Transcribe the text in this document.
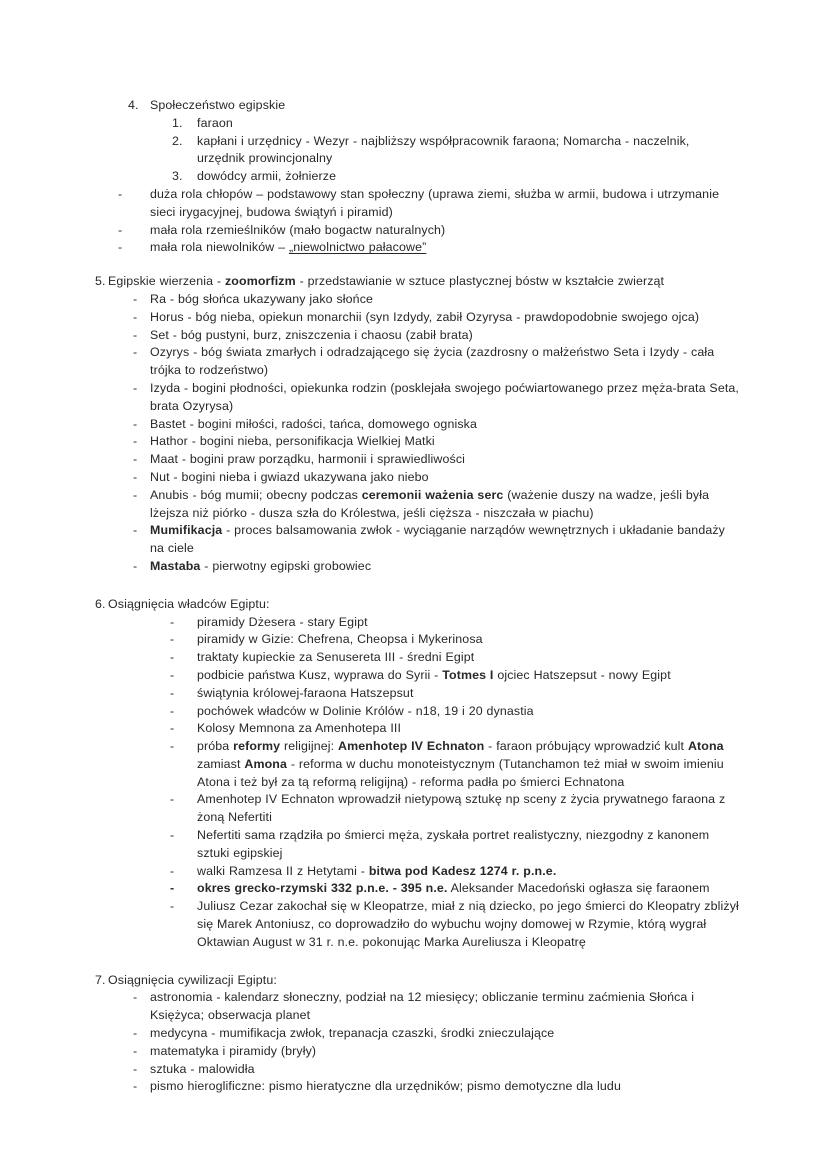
4. Społeczeństwo egipskie
1. faraon
2. kapłani i urzędnicy - Wezyr - najbliższy współpracownik faraona; Nomarcha - naczelnik, urzędnik prowincjonalny
3. dowódcy armii, żołnierze
- duża rola chłopów – podstawowy stan społeczny (uprawa ziemi, służba w armii, budowa i utrzymanie sieci irygacyjnej, budowa świątyń i piramid)
- mała rola rzemieślników (mało bogactw naturalnych)
- mała rola niewolników – „niewolnictwo pałacowe”
5. Egipskie wierzenia - zoomorfizm - przedstawianie w sztuce plastycznej bóstw w kształcie zwierząt
- Ra - bóg słońca ukazywany jako słońce
- Horus - bóg nieba, opiekun monarchii (syn Izdydy, zabił Ozyrysa - prawdopodobnie swojego ojca)
- Set - bóg pustyni, burz, zniszczenia i chaosu (zabił brata)
- Ozyrys - bóg świata zmarłych i odradzającego się życia (zazdrosny o małżeństwo Seta i Izydy - cała trójka to rodzeństwo)
- Izyda - bogini płodności, opiekunka rodzin (posklejała swojego poćwiartowanego przez męża-brata Seta, brata Ozyrysa)
- Bastet - bogini miłości, radości, tańca, domowego ogniska
- Hathor - bogini nieba, personifikacja Wielkiej Matki
- Maat - bogini praw porządku, harmonii i sprawiedliwości
- Nut - bogini nieba i gwiazd ukazywana jako niebo
- Anubis - bóg mumii; obecny podczas ceremonii ważenia serc (ważenie duszy na wadze, jeśli była lżejsza niż piórko - dusza szła do Królestwa, jeśli cięższa - niszczała w piachu)
- Mumifikacja - proces balsamowania zwłok - wyciąganie narządów wewnętrznych i układanie bandaży na ciele
- Mastaba - pierwotny egipski grobowiec
6. Osiągnięcia władców Egiptu:
- piramidy Dżesera - stary Egipt
- piramidy w Gizie: Chefrena, Cheopsa i Mykerinosa
- traktaty kupieckie za Senusereta III - średni Egipt
- podbicie państwa Kusz, wyprawa do Syrii - Totmes I ojciec Hatszepsut - nowy Egipt
- świątynia królowej-faraona Hatszepsut
- pochówek władców w Dolinie Królów - n18, 19 i 20 dynastia
- Kolosy Memnona za Amenhotepa III
- próba reformy religijnej: Amenhotep IV Echnaton - faraon próbujący wprowadzić kult Atona zamiast Amona - reforma w duchu monoteistycznym (Tutanchamon też miał w swoim imieniu Atona i też był za tą reformą religijną) - reforma padła po śmierci Echnatona
- Amenhotep IV Echnaton wprowadził nietypową sztukę np sceny z życia prywatnego faraona z żoną Nefertiti
- Nefertiti sama rządziła po śmierci męża, zyskała portret realistyczny, niezgodny z kanonem sztuki egipskiej
- walki Ramzesa II z Hetytami - bitwa pod Kadesz 1274 r. p.n.e.
- okres grecko-rzymski 332 p.n.e. - 395 n.e. Aleksander Macedoński ogłasza się faraonem
- Juliusz Cezar zakochał się w Kleopatrze, miał z nią dziecko, po jego śmierci do Kleopatry zbliżył się Marek Antoniusz, co doprowadziło do wybuchu wojny domowej w Rzymie, którą wygrał Oktawian August w 31 r. n.e. pokonując Marka Aureliusza i Kleopatrę
7. Osiągnięcia cywilizacji Egiptu:
- astronomia - kalendarz słoneczny, podział na 12 miesięcy; obliczanie terminu zaćmienia Słońca i Księżyca; obserwacja planet
- medycyna - mumifikacja zwłok, trepanacja czaszki, środki znieczulające
- matematyka i piramidy (bryły)
- sztuka - malowidła
- pismo hieroglificzne: pismo hieratyczne dla urzędników; pismo demotyczne dla ludu
